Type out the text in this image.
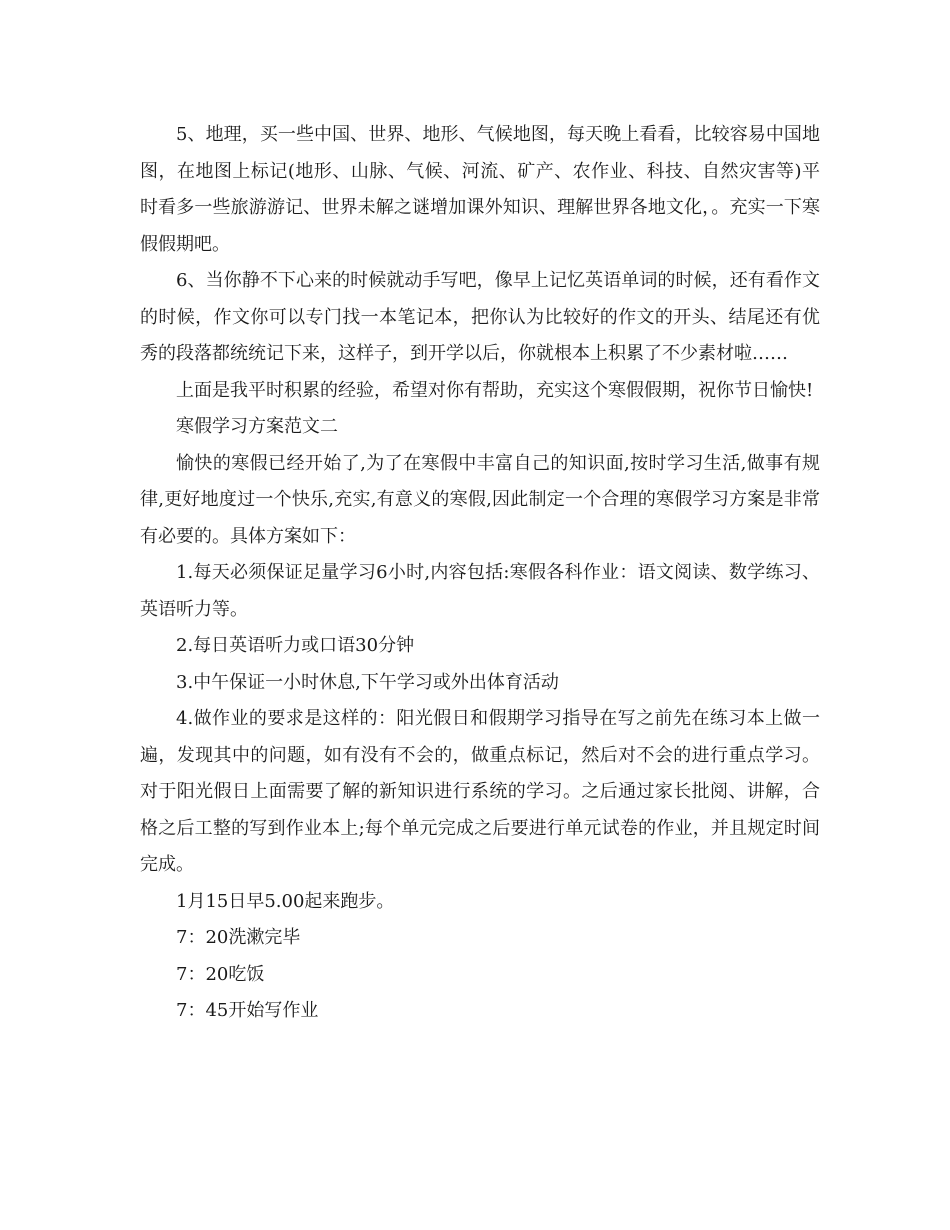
5、地理，买一些中国、世界、地形、气候地图，每天晚上看看，比较容易中国地图，在地图上标记(地形、山脉、气候、河流、矿产、农作业、科技、自然灾害等)平时看多一些旅游游记、世界未解之谜增加课外知识、理解世界各地文化，。充实一下寒假假期吧。

6、当你静不下心来的时候就动手写吧，像早上记忆英语单词的时候，还有看作文的时候，作文你可以专门找一本笔记本，把你认为比较好的作文的开头、结尾还有优秀的段落都统统记下来，这样子，到开学以后，你就根本上积累了不少素材啦……

上面是我平时积累的经验，希望对你有帮助，充实这个寒假假期，祝你节日愉快!

寒假学习方案范文二

愉快的寒假已经开始了,为了在寒假中丰富自己的知识面,按时学习生活,做事有规律,更好地度过一个快乐,充实,有意义的寒假,因此制定一个合理的寒假学习方案是非常有必要的。具体方案如下：

1.每天必须保证足量学习6小时,内容包括:寒假各科作业：语文阅读、数学练习、英语听力等。

2.每日英语听力或口语30分钟

3.中午保证一小时休息,下午学习或外出体育活动

4.做作业的要求是这样的：阳光假日和假期学习指导在写之前先在练习本上做一遍，发现其中的问题，如有没有不会的，做重点标记，然后对不会的进行重点学习。对于阳光假日上面需要了解的新知识进行系统的学习。之后通过家长批阅、讲解，合格之后工整的写到作业本上;每个单元完成之后要进行单元试卷的作业，并且规定时间完成。

1月15日早5.00起来跑步。

7：20洗漱完毕

7：20吃饭

7：45开始写作业
